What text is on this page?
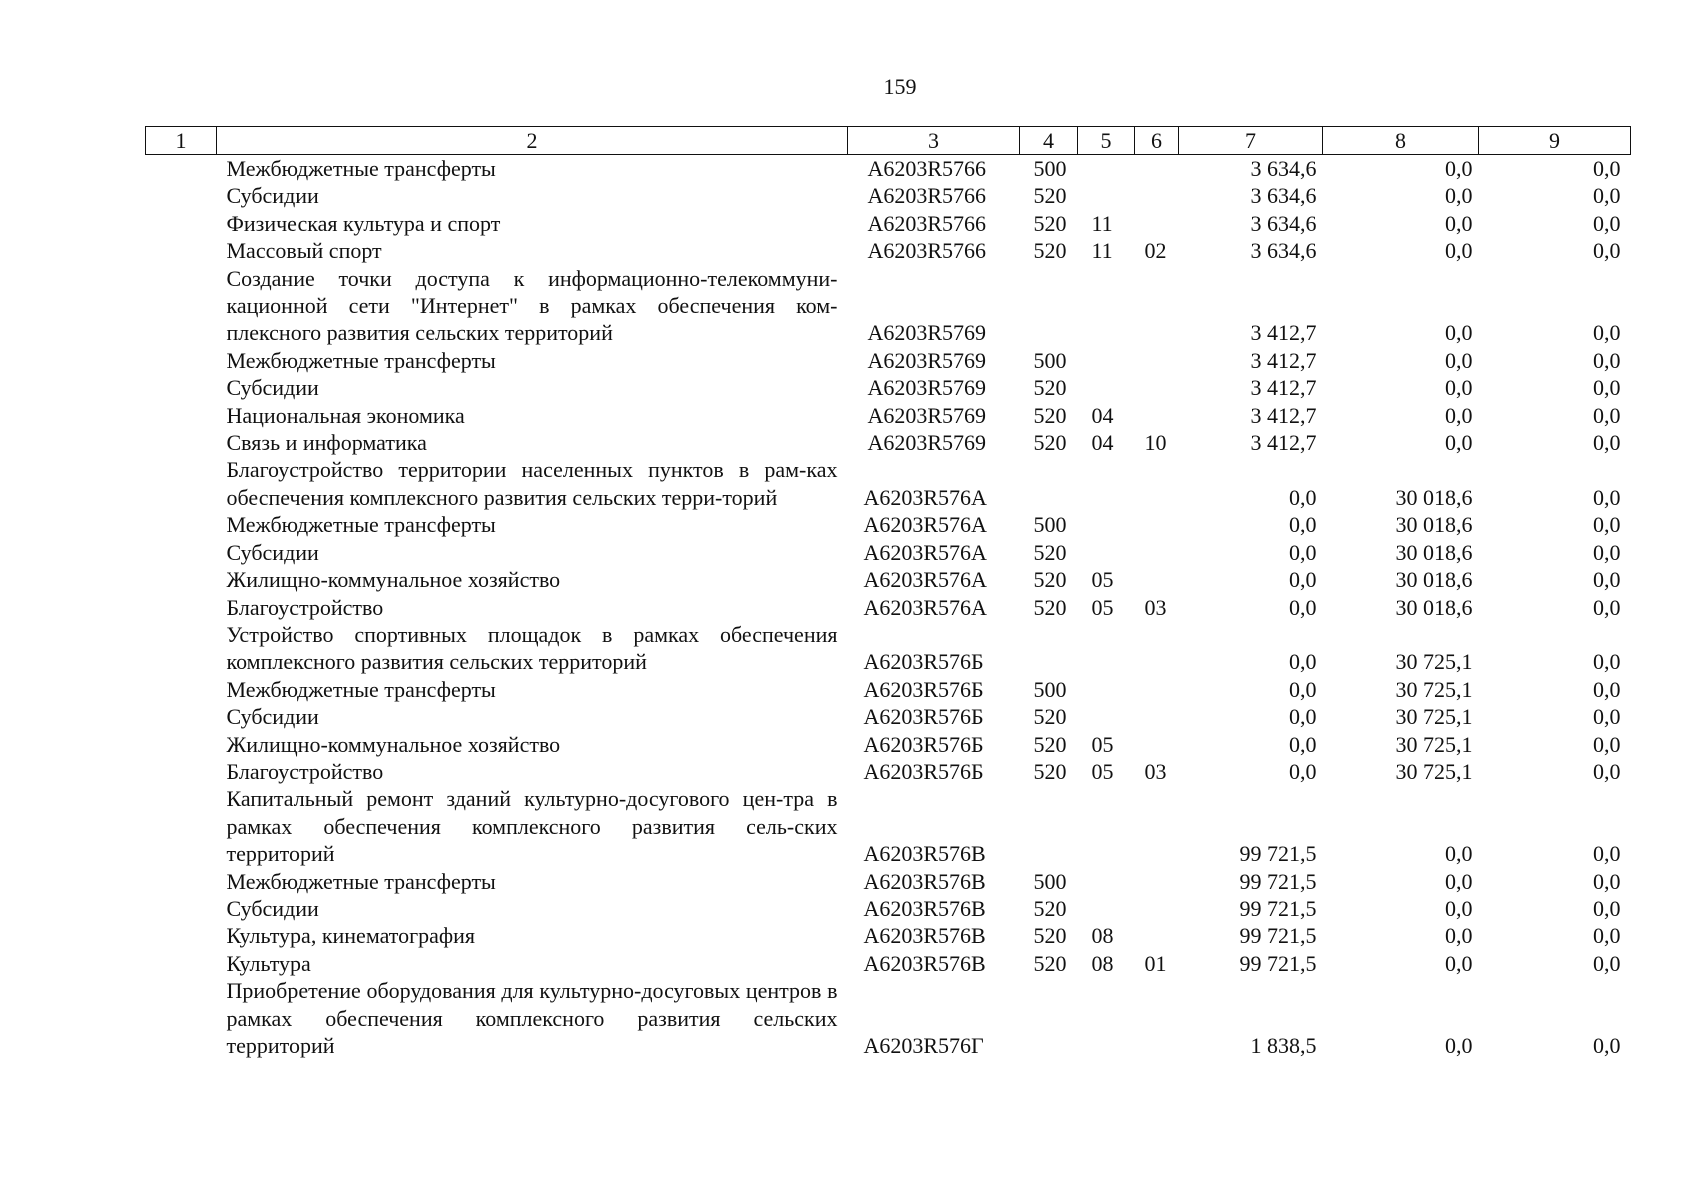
159
1	2	3	4	5	6	7	8	9
	Межбюджетные трансферты	A6203R5766	500			3 634,6	0,0	0,0
	Субсидии	A6203R5766	520			3 634,6	0,0	0,0
	Физическая культура и спорт	A6203R5766	520	11		3 634,6	0,0	0,0
	Массовый спорт	A6203R5766	520	11	02	3 634,6	0,0	0,0
	Создание точки доступа к информационно-телекоммуни-кационной сети "Интернет" в рамках обеспечения ком-плексного развития сельских территорий	A6203R5769				3 412,7	0,0	0,0
	Межбюджетные трансферты	A6203R5769	500			3 412,7	0,0	0,0
	Субсидии	A6203R5769	520			3 412,7	0,0	0,0
	Национальная экономика	A6203R5769	520	04		3 412,7	0,0	0,0
	Связь и информатика	A6203R5769	520	04	10	3 412,7	0,0	0,0
	Благоустройство территории населенных пунктов в рам-ках обеспечения комплексного развития сельских терри-торий	A6203R576A				0,0	30 018,6	0,0
	Межбюджетные трансферты	A6203R576A	500			0,0	30 018,6	0,0
	Субсидии	A6203R576A	520			0,0	30 018,6	0,0
	Жилищно-коммунальное хозяйство	A6203R576A	520	05		0,0	30 018,6	0,0
	Благоустройство	A6203R576A	520	05	03	0,0	30 018,6	0,0
	Устройство спортивных площадок в рамках обеспечения комплексного развития сельских территорий	A6203R576Б				0,0	30 725,1	0,0
	Межбюджетные трансферты	A6203R576Б	500			0,0	30 725,1	0,0
	Субсидии	A6203R576Б	520			0,0	30 725,1	0,0
	Жилищно-коммунальное хозяйство	A6203R576Б	520	05		0,0	30 725,1	0,0
	Благоустройство	A6203R576Б	520	05	03	0,0	30 725,1	0,0
	Капитальный ремонт зданий культурно-досугового цен-тра в рамках обеспечения комплексного развития сель-ских территорий	A6203R576В				99 721,5	0,0	0,0
	Межбюджетные трансферты	A6203R576В	500			99 721,5	0,0	0,0
	Субсидии	A6203R576В	520			99 721,5	0,0	0,0
	Культура, кинематография	A6203R576В	520	08		99 721,5	0,0	0,0
	Культура	A6203R576В	520	08	01	99 721,5	0,0	0,0
	Приобретение оборудования для культурно-досуговых центров в рамках обеспечения комплексного развития сельских территорий	A6203R576Г				1 838,5	0,0	0,0
